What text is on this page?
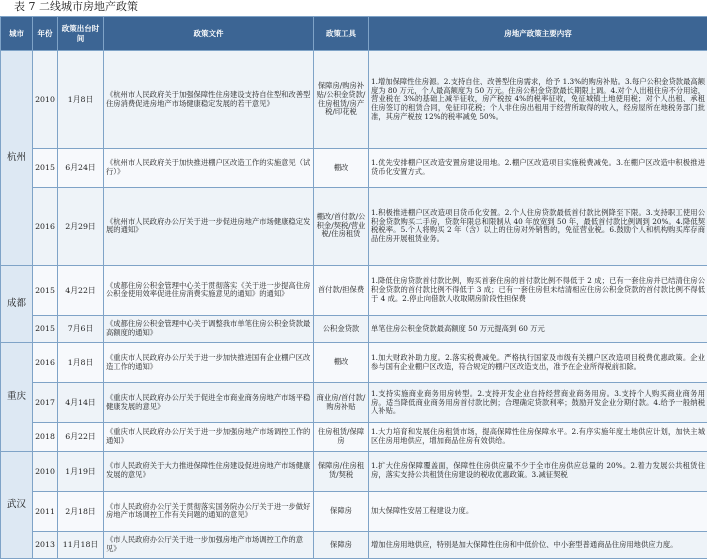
表 7 二线城市房地产政策
城市	年份	政策出台时间	政策文件	政策工具	房地产政策主要内容
杭州	2010	1月8日	《杭州市人民政府关于加强保障性住房建设支持自住型和改善型住房消费促进房地产市场健康稳定发展的若干意见》	保障房/购房补贴/公积金贷款/住房租赁/房产税/印花税	1.增加保障性住房源。2.支持自住、改善型住房需求，给予 1.3%的购房补贴。3.每户公积金贷款最高额度为 80 万元，个人最高额度为 50 万元。住房公积金贷款最长期限上调。4.对个人出租住房不分用途，营业税在 3%的基础上减半征收，房产税按 4%的税率征收，免征城镇土地使用税；对个人出租、承租住房签订的租赁合同，免征印花税；个人非住房出租用于经营所取得的收入，经房屋所在地税务部门批准，其房产税按 12%的税率减免 50%。
	2015	6月24日	《杭州市人民政府关于加快推进棚户区改造工作的实施意见（试行）》	棚改	1.优先安排棚户区改造安置房建设用地。2.棚户区改造项目实施税费减免。3.在棚户区改造中积极推进货币化安置方式。
	2016	2月29日	《杭州市人民政府办公厅关于进一步促进房地产市场健康稳定发展的通知》	棚改/首付款/公积金/契税/营业税/住房租赁	1.积极推进棚户区改造项目货币化安置。2.个人住房贷款最低首付款比例降至下限。3.支持职工使用公积金贷款购买二手房，贷款年限总和限制从 40 年放宽到 50 年，最低首付款比例调到 20%。4.降低契税税率。5.个人将购买 2 年（含）以上的住房对外销售的，免征营业税。6.鼓励个人和机构购买库存商品住房开展租赁业务。
成都	2015	4月22日	《成都住房公积金管理中心关于贯彻落实《关于进一步提高住房公积金使用效率促进住房消费实施意见的通知》的通知》	首付款/担保费	1.降低住房贷款首付款比例，购买首套住房的首付款比例不得低于 2 成；已有一套住房并已结清住房公积金贷款的首付款比例不得低于 3 成；已有一套住房但未结清相应住房公积金贷款的首付款比例不得低于 4 成。2.停止向借款人收取期房阶段性担保费
	2015	7月6日	《成都住房公积金管理中心关于调整我市单笔住房公积金贷款最高额度的通知》	公积金贷款	单笔住房公积金贷款最高额度 50 万元提高到 60 万元
重庆	2016	1月8日	《重庆市人民政府办公厅关于进一步加快推进国有企业棚户区改造工作的通知》	棚改	1.加大财政补助力度。2.落实税费减免。严格执行国家及市级有关棚户区改造项目税费优惠政策。企业参与国有企业棚户区改造，符合规定的棚户区改造支出，准予在企业所得税前扣除。
	2017	4月14日	《重庆市人民政府办公厅关于促进全市商业商务房地产市场平稳健康发展的意见》	商业房/首付款/购房补贴	1.支持实施商业商务用房转型。2.支持开发企业自持经营商业商务用房。3.支持个人购买商业商务用房。适当降低商业商务用房首付款比例；合理确定贷款利率；鼓励开发企业分期付款。4.给予一般纳税人补贴。
	2018	6月22日	《重庆市人民政府办公厅关于进一步加强房地产市场调控工作的通知》	住房租赁/保障房	1.大力培育和发展住房租赁市场，提高保障性住房保障水平。2.有序实施年度土地供应计划，加快主城区住房用地供应，增加商品住房有效供给。
武汉	2010	1月19日	《市人民政府关于大力推进保障性住房建设促进房地产市场健康发展的意见》	保障房/住房租赁/契税	1.扩大住房保障覆盖面，保障性住房供应量不少于全市住房供应总量的 20%。2.着力发展公共租赁住房，落实支持公共租赁住房建设的税收优惠政策。3.减征契税
	2011	2月18日	《市人民政府办公厅关于贯彻落实国务院办公厅关于进一步做好房地产市场调控工作有关问题的通知的意见》	保障房	加大保障性安居工程建设力度。
	2013	11月18日	《市人民政府办公厅关于进一步加强房地产市场调控工作的意见》	保障房	增加住房用地供应，特别是加大保障性住房和中低价位、中小套型普通商品住房用地供应力度。
